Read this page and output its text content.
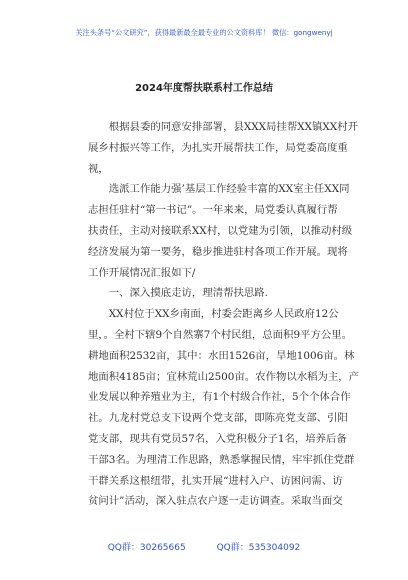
关注头条号“公文研究”，获得最新最全最专业的公文资料库！ 微信：gongwenyj
2024年度帮扶联系村工作总结
　　根据县委的同意安排部署，县XXX局挂帮XX镇XX村开
展乡村振兴等工作，为扎实开展帮扶工作，局党委高度重
视，
　　选派工作能力强’基层工作经验丰富的XX室主任XX同
志担任驻村“第一书记”。一年来来，局党委认真履行帮
扶责任，主动对接联系XX村，以党建为引领，以推动村级
经济发展为第一要务，稳步推进驻村各项工作开展。现将
工作开展情况汇报如下/
　　一、深入摸底走访，理清帮扶思路.
　　XX村位于XX乡南面，村委会距离乡人民政府12公
里，。全村下辖9个自然寨7个村民组，总面积9平方公里。
耕地面积2532亩，其中：水田1526亩，旱地1006亩。林
地面积4185亩；宜林荒山2500亩。农作物以水稻为主，产
业发展以种养殖业为主，有1个村级合作社，5个个体合作
社。九龙村党总支下设两个党支部，即陈亮党支部、引阳
党支部，现共有党员57名，入党积极分子1名，培养后备
干部3名。为理清工作思路，熟悉掌握民情，牢牢抓住党群
干群关系这根纽带，扎实开展“进村入户、访困问需、访
贫问计”活动，深入驻点农户逐一走访调查。采取当面交
QQ群：30265665	QQ群：535304092
